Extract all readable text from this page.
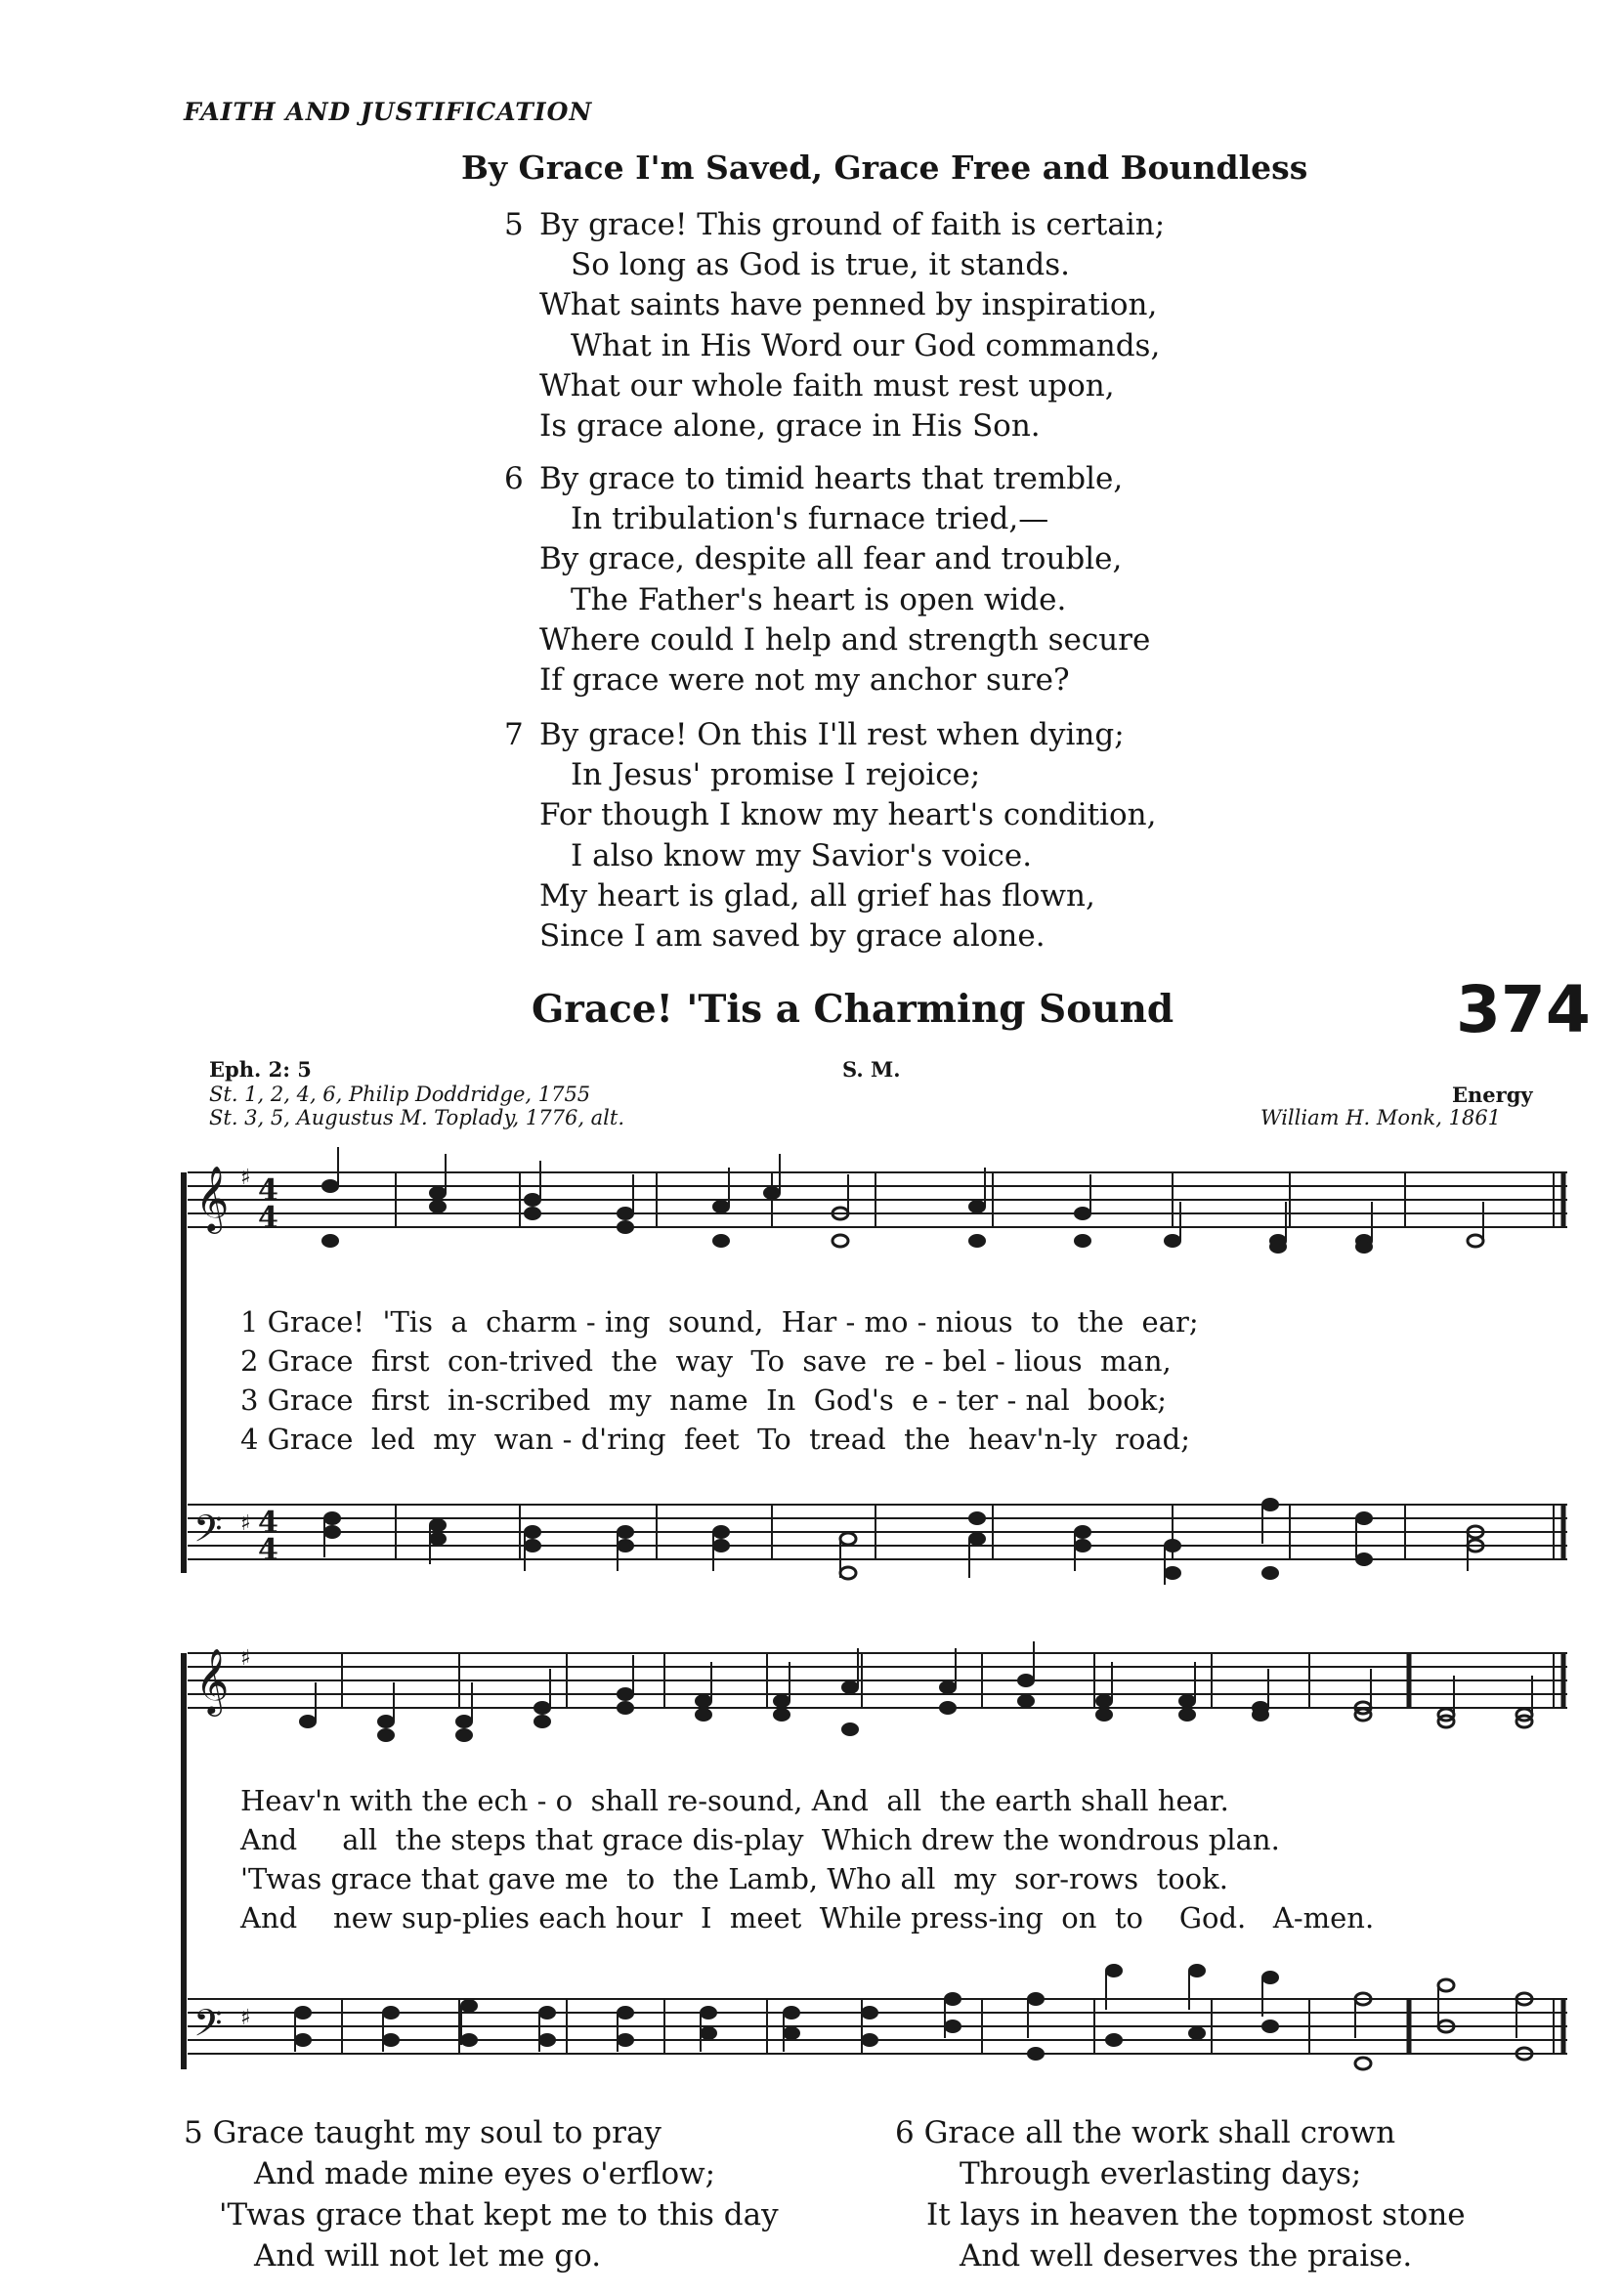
FAITH AND JUSTIFICATION
By Grace I'm Saved, Grace Free and Boundless
5 By grace! This ground of faith is certain;
So long as God is true, it stands.
What saints have penned by inspiration,
What in His Word our God commands,
What our whole faith must rest upon,
Is grace alone, grace in His Son.
6 By grace to timid hearts that tremble,
In tribulation's furnace tried,—
By grace, despite all fear and trouble,
The Father's heart is open wide.
Where could I help and strength secure
If grace were not my anchor sure?
7 By grace! On this I'll rest when dying;
In Jesus' promise I rejoice;
For though I know my heart's condition,
I also know my Savior's voice.
My heart is glad, all grief has flown,
Since I am saved by grace alone.
Grace! 'Tis a Charming Sound	374
Eph. 2: 5	S. M.
St. 1, 2, 4, 6, Philip Doddridge, 1755
St. 3, 5, Augustus M. Toplady, 1776, alt.
Energy
William H. Monk, 1861
𝄞
𝄞
𝄢
𝄢
♯
♯
♯
♯
4
4
4
4
1 Grace!  'Tis  a  charm - ing  sound,  Har - mo - nious  to  the  ear;
2 Grace  first  con-trived  the  way  To  save  re - bel - lious  man,
3 Grace  first  in-scribed  my  name  In  God's  e - ter - nal  book;
4 Grace  led  my  wan - d'ring  feet  To  tread  the  heav'n-ly  road;
Heav'n with the ech - o  shall re-sound, And  all  the earth shall hear.
And     all  the steps that grace dis-play  Which drew the wondrous plan.
'Twas grace that gave me  to  the Lamb, Who all  my  sor-rows  took.
And    new sup-plies each hour  I  meet  While press-ing  on  to    God.   A-men.
5 Grace taught my soul to pray
And made mine eyes o'erflow;
'Twas grace that kept me to this day
And will not let me go.
6 Grace all the work shall crown
Through everlasting days;
It lays in heaven the topmost stone
And well deserves the praise.
